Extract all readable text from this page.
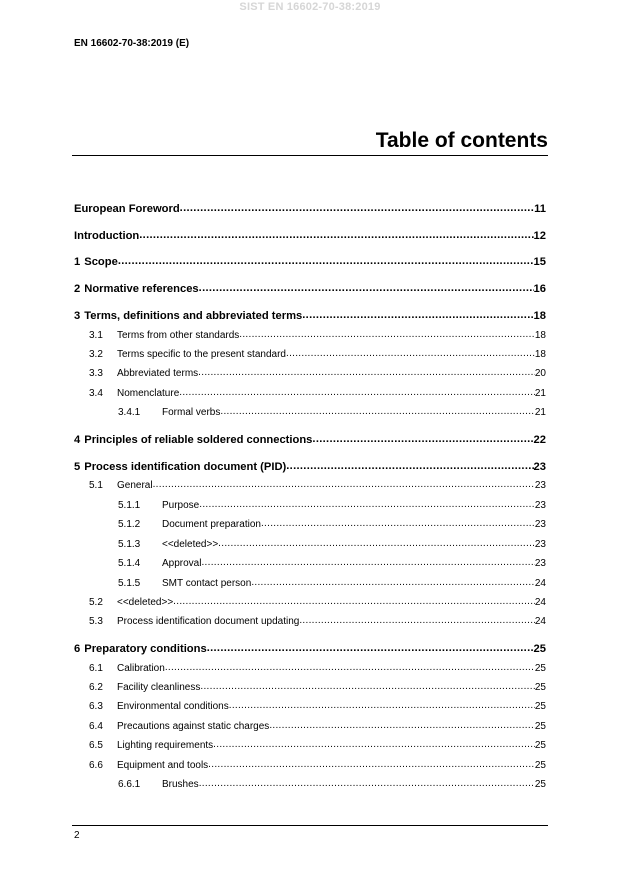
SIST EN 16602-70-38:2019
EN 16602-70-38:2019 (E)
Table of contents
European Foreword .....	11
Introduction .....	12
1 Scope .....	15
2 Normative references .....	16
3 Terms, definitions and abbreviated terms .....	18
3.1	Terms from other standards .....	18
3.2	Terms specific to the present standard .....	18
3.3	Abbreviated terms .....	20
3.4	Nomenclature .....	21
3.4.1	Formal verbs .....	21
4 Principles of reliable soldered connections .....	22
5 Process identification document (PID) .....	23
5.1	General .....	23
5.1.1	Purpose .....	23
5.1.2	Document preparation .....	23
5.1.3	<<deleted>> .....	23
5.1.4	Approval .....	23
5.1.5	SMT contact person .....	24
5.2	<<deleted>> .....	24
5.3	Process identification document updating .....	24
6 Preparatory conditions .....	25
6.1	Calibration .....	25
6.2	Facility cleanliness .....	25
6.3	Environmental conditions .....	25
6.4	Precautions against static charges .....	25
6.5	Lighting requirements .....	25
6.6	Equipment and tools .....	25
6.6.1	Brushes .....	25
2
